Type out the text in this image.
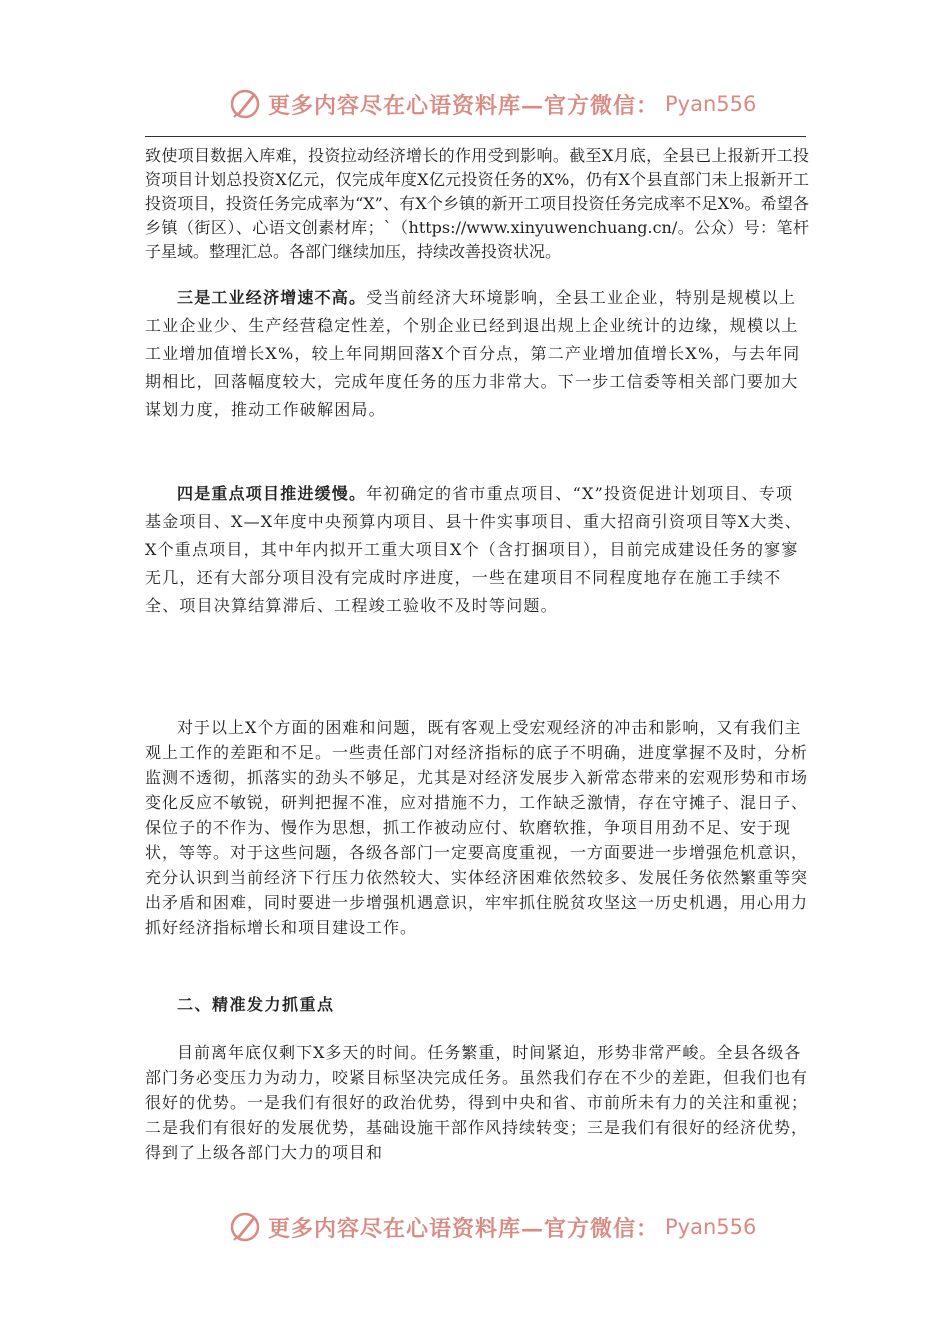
更多内容尽在心语资料库—官方微信： Pyan556

致使项目数据入库难，投资拉动经济增长的作用受到影响。截至X月底，全县已上报新开工投资项目计划总投资X亿元，仅完成年度X亿元投资任务的X%，仍有X个县直部门未上报新开工投资项目，投资任务完成率为“X”、有X个乡镇的新开工项目投资任务完成率不足X%。希望各乡镇（街区）、心语文创素材库；`（https://www.xinyuwenchuang.cn/。公众）号：笔杆子星域。整理汇总。各部门继续加压，持续改善投资状况。

三是工业经济增速不高。受当前经济大环境影响，全县工业企业，特别是规模以上工业企业少、生产经营稳定性差，个别企业已经到退出规上企业统计的边缘，规模以上工业增加值增长X%，较上年同期回落X个百分点，第二产业增加值增长X%，与去年同期相比，回落幅度较大，完成年度任务的压力非常大。下一步工信委等相关部门要加大谋划力度，推动工作破解困局。

四是重点项目推进缓慢。年初确定的省市重点项目、“X”投资促进计划项目、专项基金项目、X—X年度中央预算内项目、县十件实事项目、重大招商引资项目等X大类、X个重点项目，其中年内拟开工重大项目X个（含打捆项目），目前完成建设任务的寥寥无几，还有大部分项目没有完成时序进度，一些在建项目不同程度地存在施工手续不全、项目决算结算滞后、工程竣工验收不及时等问题。

对于以上X个方面的困难和问题，既有客观上受宏观经济的冲击和影响，又有我们主观上工作的差距和不足。一些责任部门对经济指标的底子不明确，进度掌握不及时，分析监测不透彻，抓落实的劲头不够足，尤其是对经济发展步入新常态带来的宏观形势和市场变化反应不敏锐，研判把握不准，应对措施不力，工作缺乏激情，存在守摊子、混日子、保位子的不作为、慢作为思想，抓工作被动应付、软磨软推，争项目用劲不足、安于现状，等等。对于这些问题，各级各部门一定要高度重视，一方面要进一步增强危机意识，充分认识到当前经济下行压力依然较大、实体经济困难依然较多、发展任务依然繁重等突出矛盾和困难，同时要进一步增强机遇意识，牢牢抓住脱贫攻坚这一历史机遇，用心用力抓好经济指标增长和项目建设工作。

二、精准发力抓重点

目前离年底仅剩下X多天的时间。任务繁重，时间紧迫，形势非常严峻。全县各级各部门务必变压力为动力，咬紧目标坚决完成任务。虽然我们存在不少的差距，但我们也有很好的优势。一是我们有很好的政治优势，得到中央和省、市前所未有力的关注和重视；二是我们有很好的发展优势，基础设施干部作风持续转变；三是我们有很好的经济优势，得到了上级各部门大力的项目和

更多内容尽在心语资料库—官方微信： Pyan556
